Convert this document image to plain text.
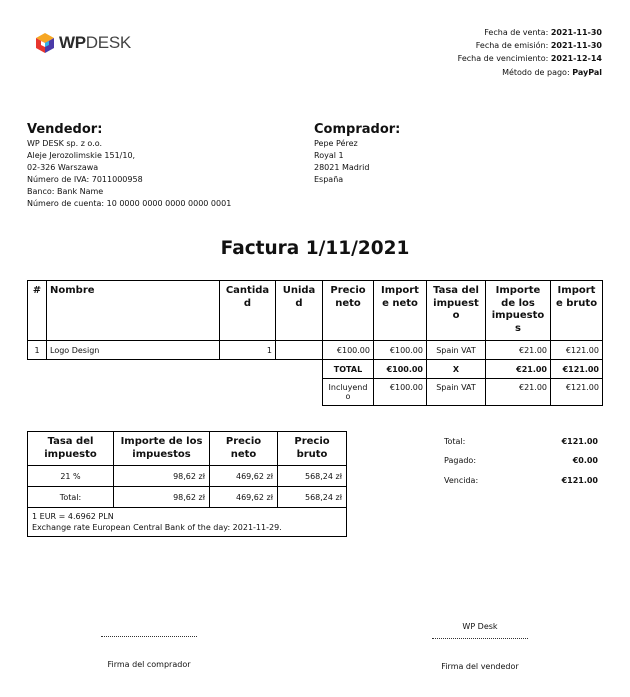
WPDESK
Fecha de venta: 2021-11-30
Fecha de emisión: 2021-11-30
Fecha de vencimiento: 2021-12-14
Método de pago: PayPal
Vendedor:
WP DESK sp. z o.o.
Aleje Jerozolimskie 151/10,
02-326 Warszawa
Número de IVA: 7011000958
Banco: Bank Name
Número de cuenta: 10 0000 0000 0000 0000 0001
Comprador:
Pepe Pérez
Royal 1
28021 Madrid
España
Factura 1/11/2021
#	Nombre	Cantida d	Unida d	Precio neto	Import e neto	Tasa del impuest o	Importe de los impuesto s	Import e bruto
1	Logo Design	1		€100.00	€100.00	Spain VAT	€21.00	€121.00
				TOTAL	€100.00	X	€21.00	€121.00
				Incluyend o	€100.00	Spain VAT	€21.00	€121.00
Tasa del impuesto	Importe de los impuestos	Precio neto	Precio bruto
21 %	98,62 zł	469,62 zł	568,24 zł
Total:	98,62 zł	469,62 zł	568,24 zł

1 EUR = 4.6962 PLN
Exchange rate European Central Bank of the day: 2021-11-29.			
Total:	€121.00
Pagado:	€0.00
Vencida:	€121.00
Firma del comprador
WP Desk
Firma del vendedor
